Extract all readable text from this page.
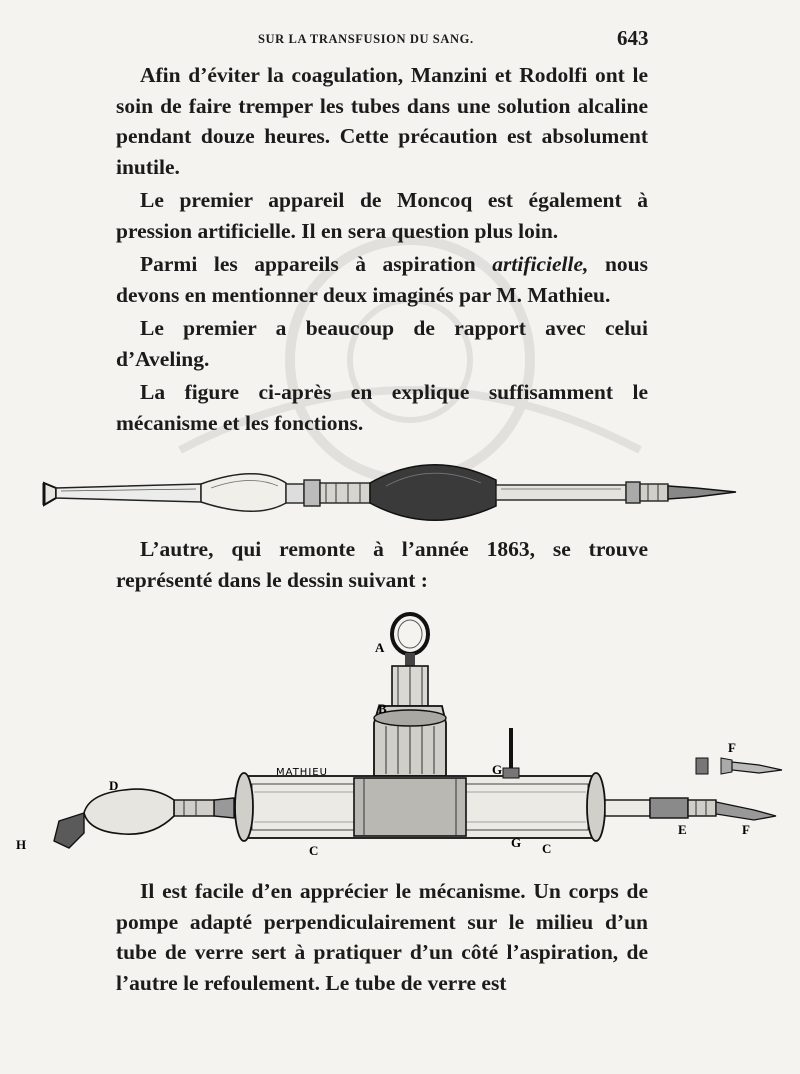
SUR LA TRANSFUSION DU SANG.	643

Afin d’éviter la coagulation, Manzini et Rodolfi ont le soin de faire tremper les tubes dans une solution alcaline pendant douze heures. Cette précaution est absolument inutile.

Le premier appareil de Moncoq est également à pression artificielle. Il en sera question plus loin.

Parmi les appareils à aspiration artificielle, nous devons en mentionner deux imaginés par M. Mathieu.

Le premier a beaucoup de rapport avec celui d’Aveling.

La figure ci-après en explique suffisamment le mécanisme et les fonctions.

L’autre, qui remonte à l’année 1863, se trouve représenté dans le dessin suivant :

A
B
C	C
G
G
D
E
F
F
H
MATHIEU

Il est facile d’en apprécier le mécanisme. Un corps de pompe adapté perpendiculairement sur le milieu d’un tube de verre sert à pratiquer d’un côté l’aspiration, de l’autre le refoulement. Le tube de verre est
